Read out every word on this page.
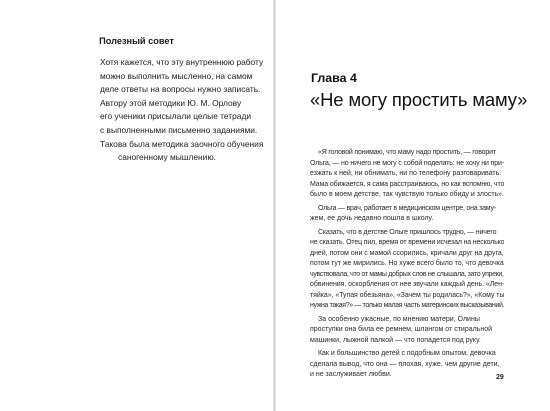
Полезный совет
Хотя кажется, что эту внутреннюю работу
можно выполнить мысленно, на самом
деле ответы на вопросы нужно записать.
Автору этой методики Ю. М. Орлову
его ученики присылали целые тетради
с выполненными письменно заданиями.
Такова была методика заочного обучения
саногенному мышлению.
Глава 4
«Не могу простить маму»
«Я головой понимаю, что маму надо простить, — говорит
Ольга, — но ничего не могу с собой поделать: не хочу ни при-
езжать к ней, ни обнимать, ни по телефону разговаривать.
Мама обижается, я сама расстраиваюсь, но как вспомню, что
было в моем детстве, так чувствую только обиду и злость».
Ольга — врач, работает в медицинском центре, она заму-
жем, ее дочь недавно пошла в школу.
Сказать, что в детстве Ольге пришлось трудно, — ничего
не сказать. Отец пил, время от времени исчезал на несколько
дней, потом они с мамой ссорились, кричали друг на друга,
потом тут же мирились. Но хуже всего было то, что девочка
чувствовала, что от мамы добрых слов не слышала, зато упреки,
обвинения, оскорбления от нее звучали каждый день. «Лен-
тяйка», «Тупая обезьяна», «Зачем ты родилась?», «Кому ты
нужна такая?» — только малая часть материнских высказываний.
За особенно ужасные, по мнению матери, Олины
проступки она била ее ремнем, шлангом от стиральной
машинки, лыжной палкой — что попадется под руку.
Как и большинство детей с подобным опытом, девочка
сделала вывод, что она — плохая, хуже, чем другие дети,
и не заслуживает любви.	29
